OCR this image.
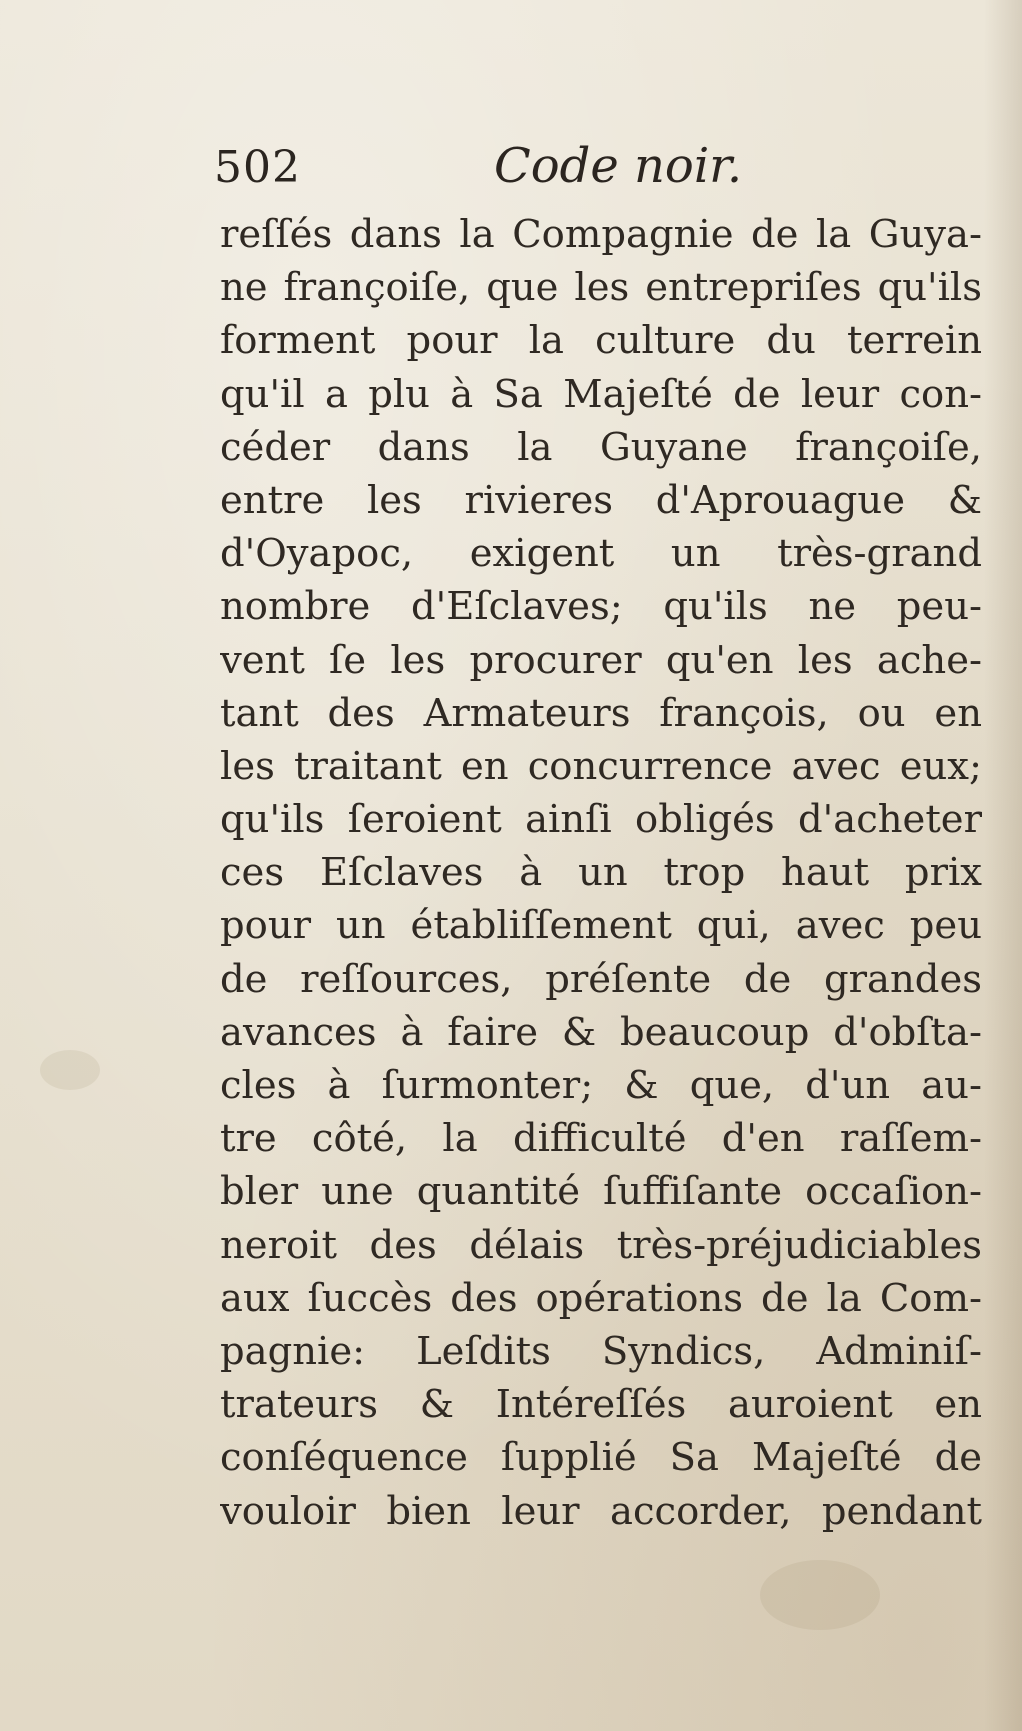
502	Code noir.
reſſés dans la Compagnie de la Guya-
ne françoiſe, que les entrepriſes qu'ils
forment pour la culture du terrein
qu'il a plu à Sa Majeſté de leur con-
céder dans la Guyane françoiſe,
entre les rivieres d'Aprouague &
d'Oyapoc, exigent un très-grand
nombre d'Eſclaves; qu'ils ne peu-
vent ſe les procurer qu'en les ache-
tant des Armateurs françois, ou en
les traitant en concurrence avec eux;
qu'ils ſeroient ainſi obligés d'acheter
ces Eſclaves à un trop haut prix
pour un établiſſement qui, avec peu
de reſſources, préſente de grandes
avances à faire & beaucoup d'obſta-
cles à ſurmonter; & que, d'un au-
tre côté, la difficulté d'en raſſem-
bler une quantité ſuffiſante occaſion-
neroit des délais très-préjudiciables
aux ſuccès des opérations de la Com-
pagnie: Leſdits Syndics, Adminiſ-
trateurs & Intéreſſés auroient en
conſéquence ſupplié Sa Majeſté de
vouloir bien leur accorder, pendant
